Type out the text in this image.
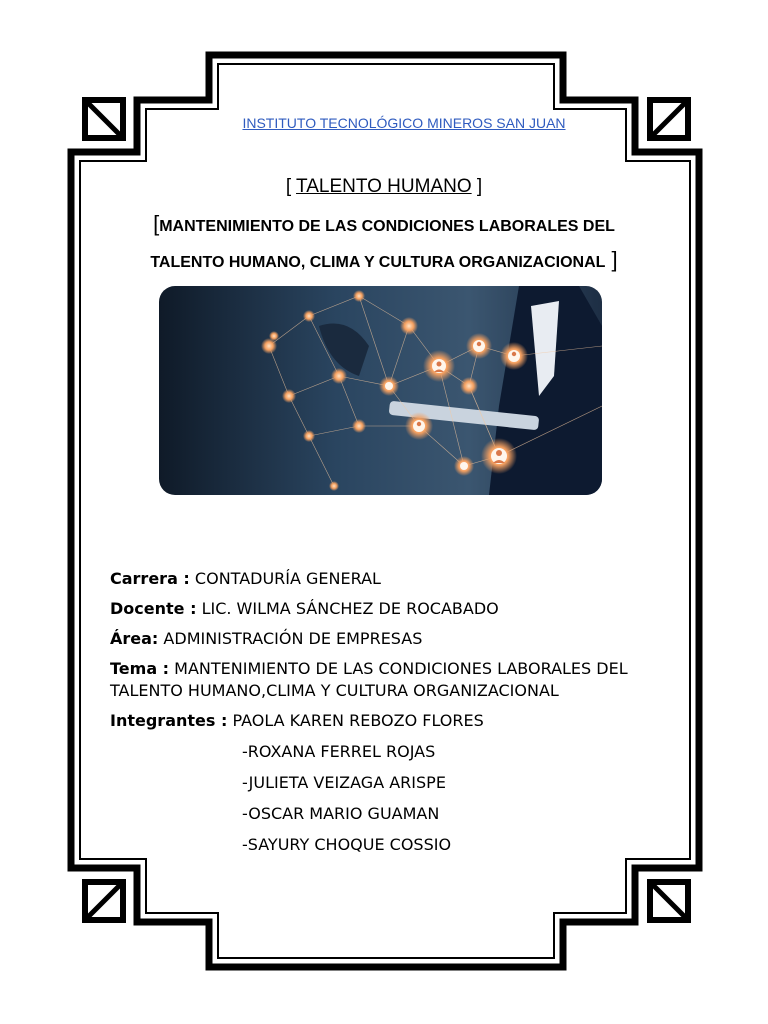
INSTITUTO TECNOLÓGICO MINEROS SAN JUAN
[ TALENTO HUMANO ]
[MANTENIMIENTO DE LAS CONDICIONES LABORALES DEL
TALENTO HUMANO, CLIMA Y CULTURA ORGANIZACIONAL ]
Carrera : CONTADURÍA GENERAL
Docente : LIC. WILMA SÁNCHEZ DE ROCABADO
Área: ADMINISTRACIÓN DE EMPRESAS
Tema : MANTENIMIENTO DE LAS CONDICIONES LABORALES DEL TALENTO HUMANO,CLIMA Y CULTURA ORGANIZACIONAL
Integrantes : PAOLA KAREN REBOZO FLORES
-ROXANA FERREL ROJAS
-JULIETA VEIZAGA ARISPE
-OSCAR MARIO GUAMAN
-SAYURY CHOQUE COSSIO
